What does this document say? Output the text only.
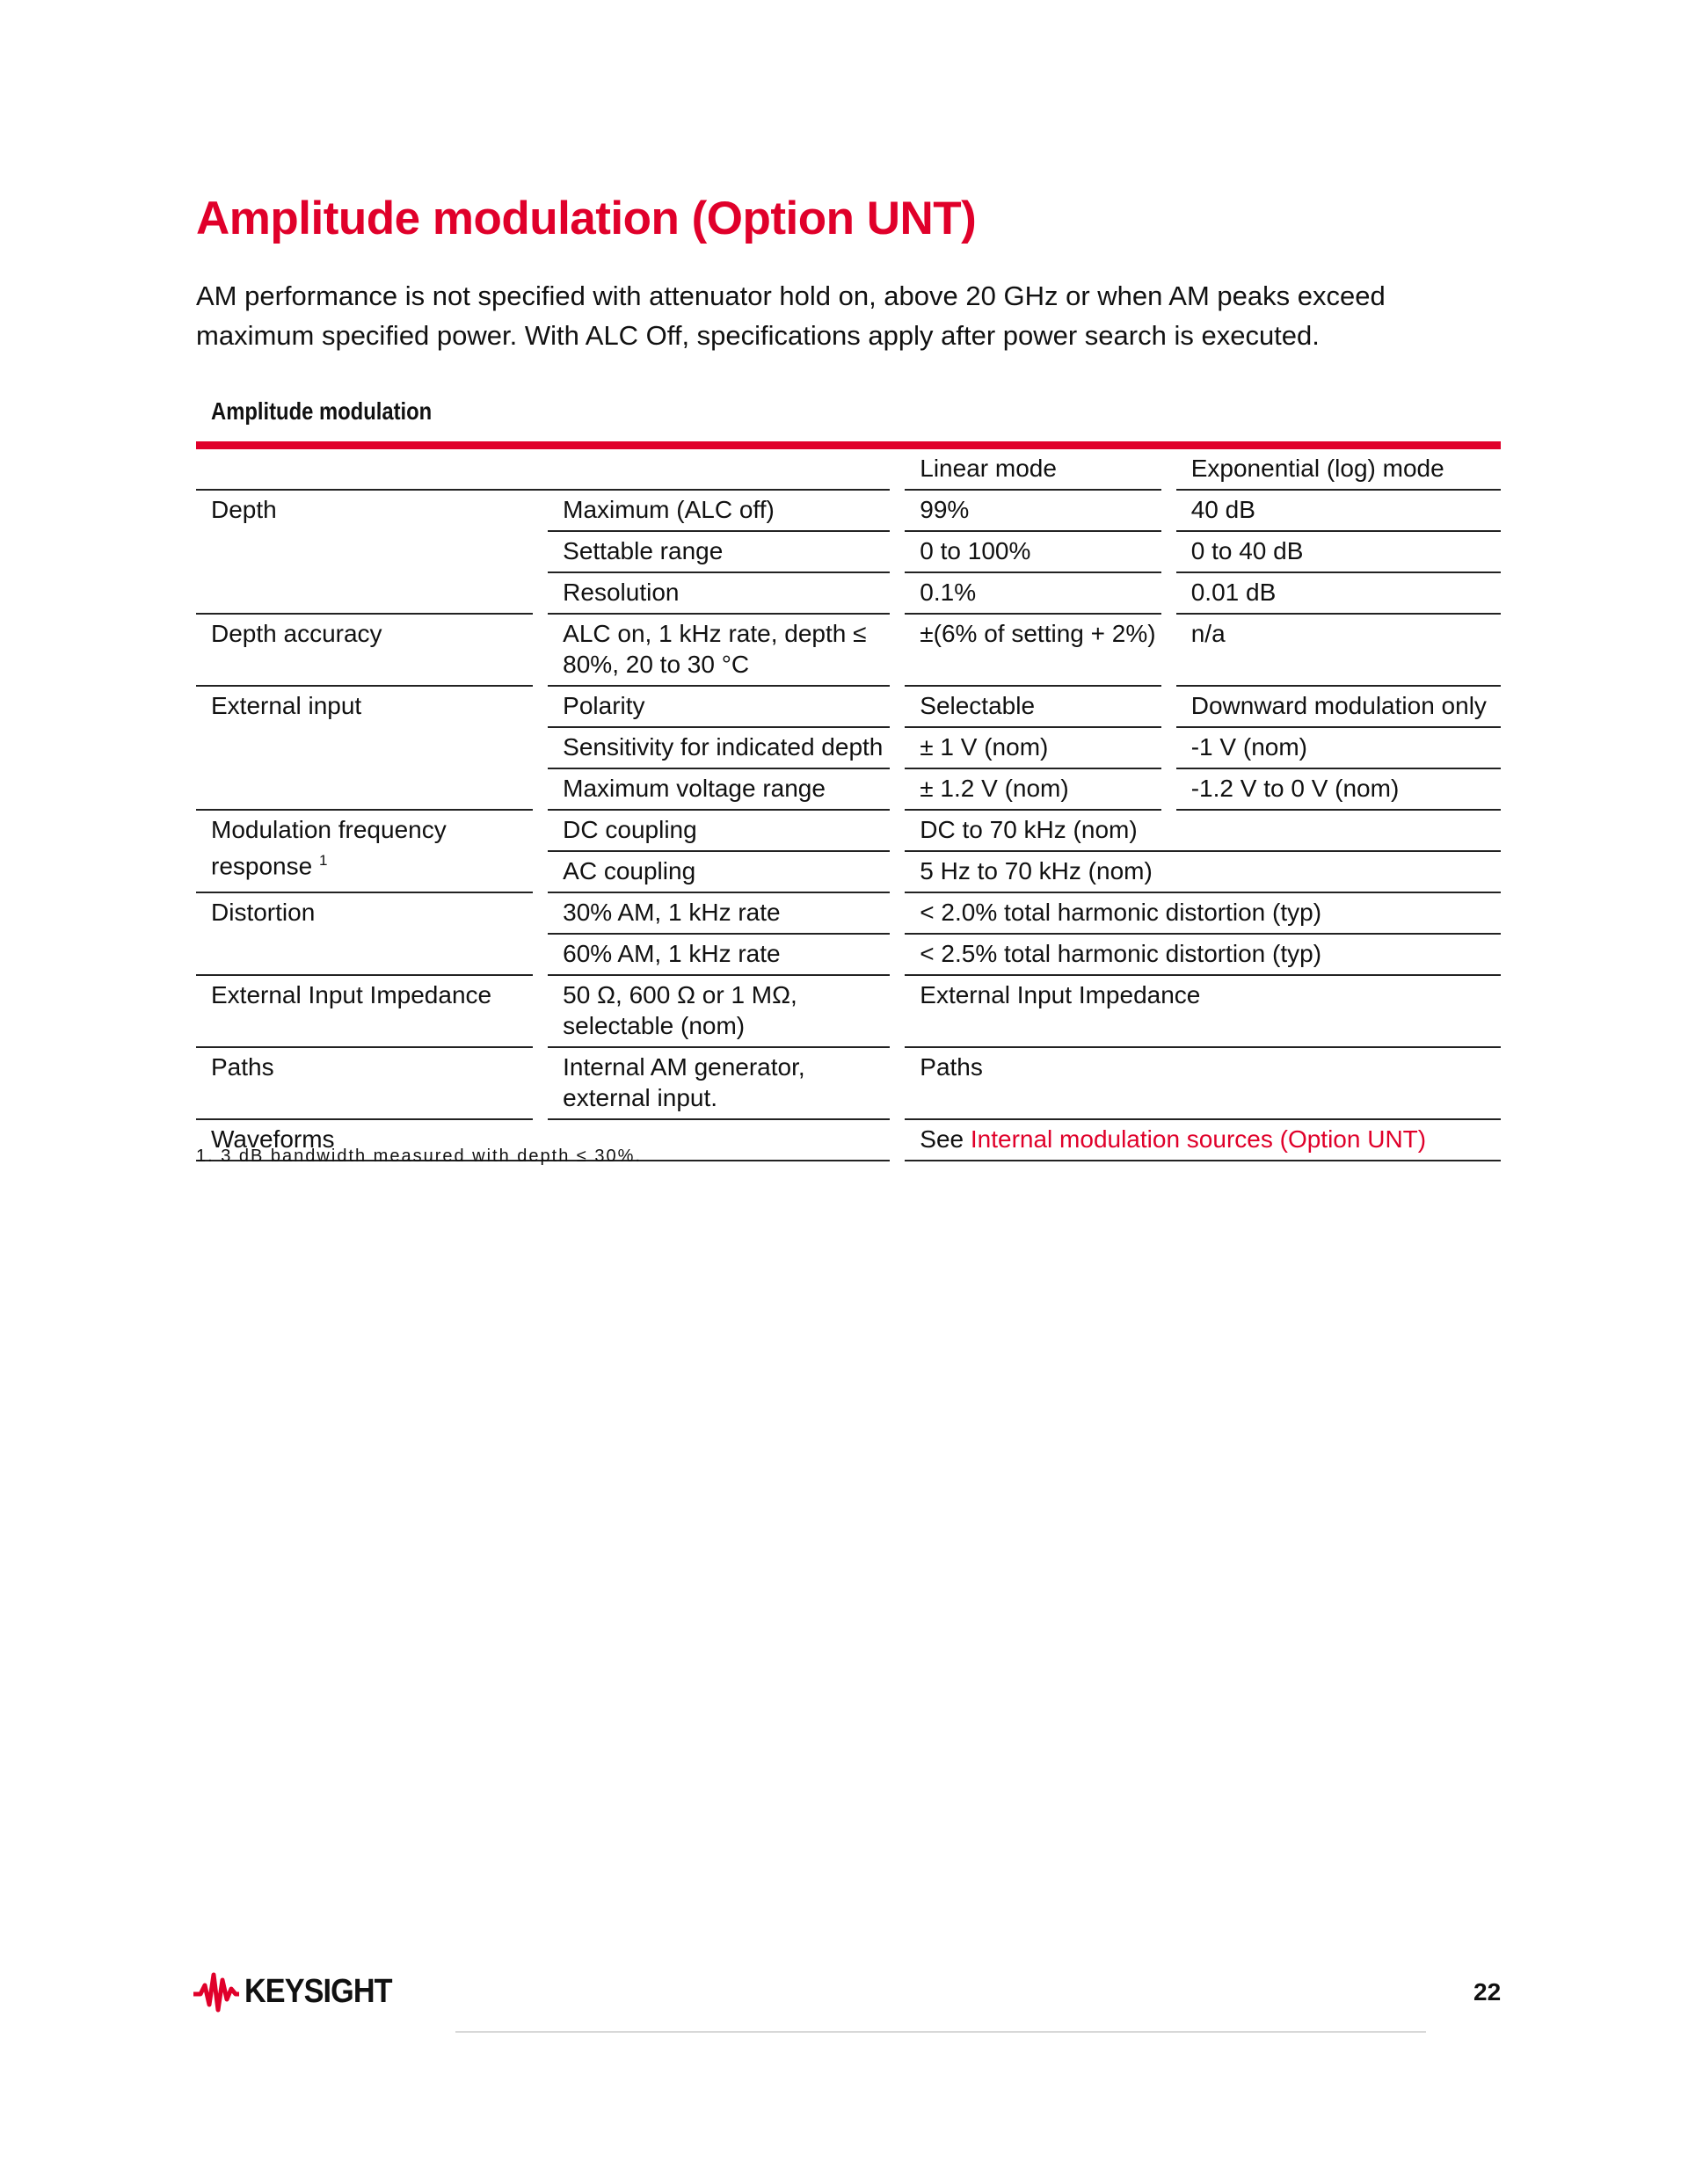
Amplitude modulation (Option UNT)

AM performance is not specified with attenuator hold on, above 20 GHz or when AM peaks exceed maximum specified power. With ALC Off, specifications apply after power search is executed.

Amplitude modulation
		Linear mode	Exponential (log) mode
Depth	Maximum (ALC off)	99%	40 dB
	Settable range	0 to 100%	0 to 40 dB
	Resolution	0.1%	0.01 dB
Depth accuracy	ALC on, 1 kHz rate, depth ≤ 80%, 20 to 30 °C	±(6% of setting + 2%)	n/a
External input	Polarity	Selectable	Downward modulation only
	Sensitivity for indicated depth	± 1 V (nom)	-1 V (nom)
	Maximum voltage range	± 1.2 V (nom)	-1.2 V to 0 V (nom)
Modulation frequency response $^1$	DC coupling	DC to 70 kHz (nom)	
	AC coupling	5 Hz to 70 kHz (nom)	
Distortion	30% AM, 1 kHz rate	< 2.0% total harmonic distortion (typ)	
	60% AM, 1 kHz rate	< 2.5% total harmonic distortion (typ)	
External Input Impedance	50 Ω, 600 Ω or 1 MΩ, selectable (nom)	External Input Impedance	
Paths	Internal AM generator, external input.	Paths	
Waveforms		See Internal modulation sources (Option UNT)	
1. 3 dB bandwidth measured with depth ≤ 30%.
KEYSIGHT	22
